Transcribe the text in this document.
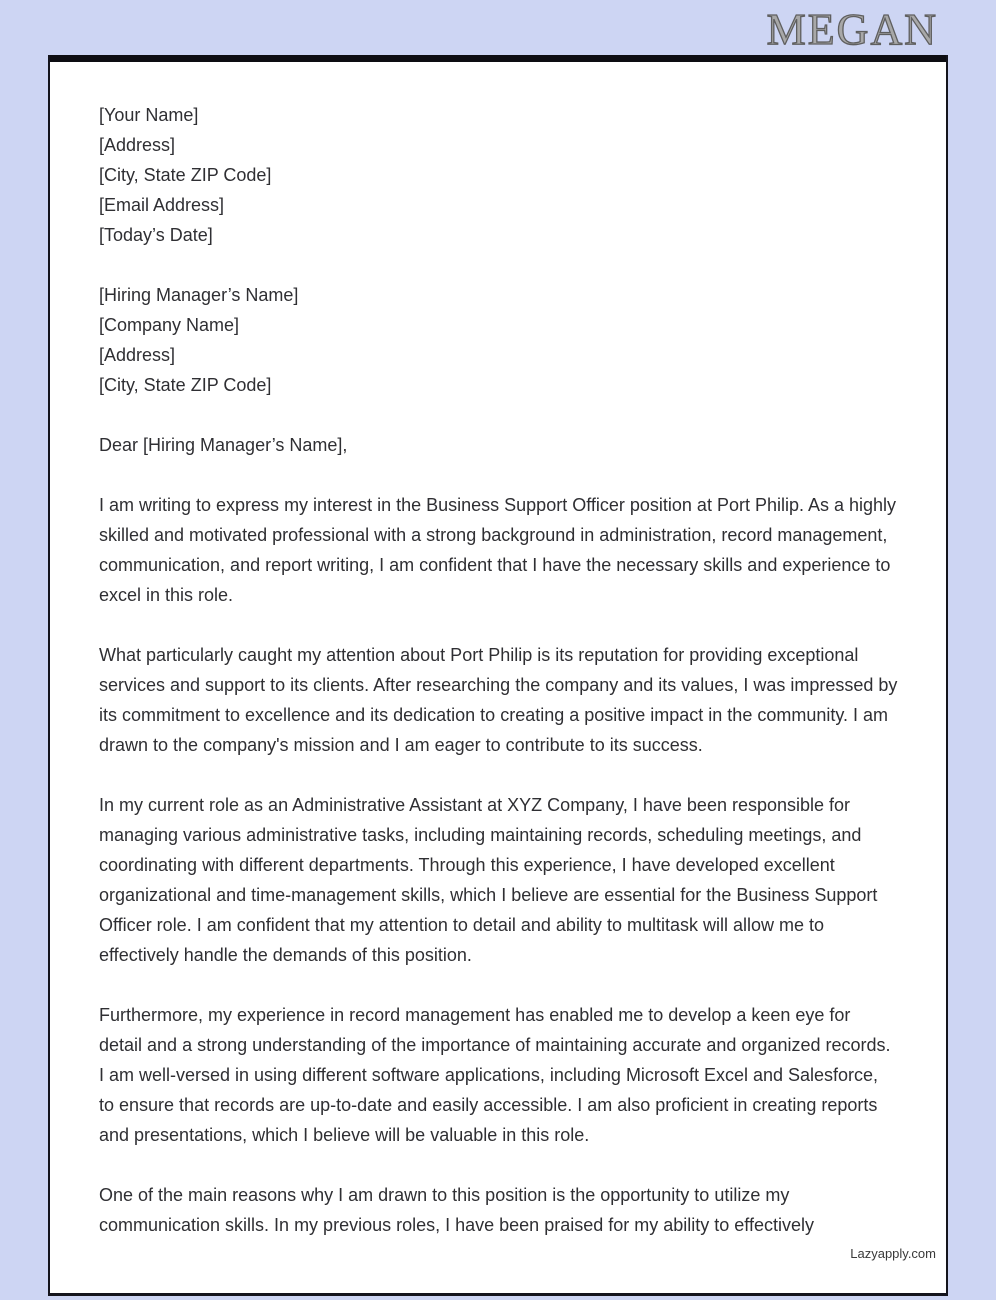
MEGAN
[Your Name]
[Address]
[City, State ZIP Code]
[Email Address]
[Today’s Date]
[Hiring Manager’s Name]
[Company Name]
[Address]
[City, State ZIP Code]
Dear [Hiring Manager’s Name],

I am writing to express my interest in the Business Support Officer position at Port Philip. As a highly skilled and motivated professional with a strong background in administration, record management, communication, and report writing, I am confident that I have the necessary skills and experience to excel in this role.

What particularly caught my attention about Port Philip is its reputation for providing exceptional services and support to its clients. After researching the company and its values, I was impressed by its commitment to excellence and its dedication to creating a positive impact in the community. I am drawn to the company's mission and I am eager to contribute to its success.

In my current role as an Administrative Assistant at XYZ Company, I have been responsible for managing various administrative tasks, including maintaining records, scheduling meetings, and coordinating with different departments. Through this experience, I have developed excellent organizational and time-management skills, which I believe are essential for the Business Support Officer role. I am confident that my attention to detail and ability to multitask will allow me to effectively handle the demands of this position.

Furthermore, my experience in record management has enabled me to develop a keen eye for detail and a strong understanding of the importance of maintaining accurate and organized records. I am well-versed in using different software applications, including Microsoft Excel and Salesforce, to ensure that records are up-to-date and easily accessible. I am also proficient in creating reports and presentations, which I believe will be valuable in this role.

One of the main reasons why I am drawn to this position is the opportunity to utilize my communication skills. In my previous roles, I have been praised for my ability to effectively

Lazyapply.com
